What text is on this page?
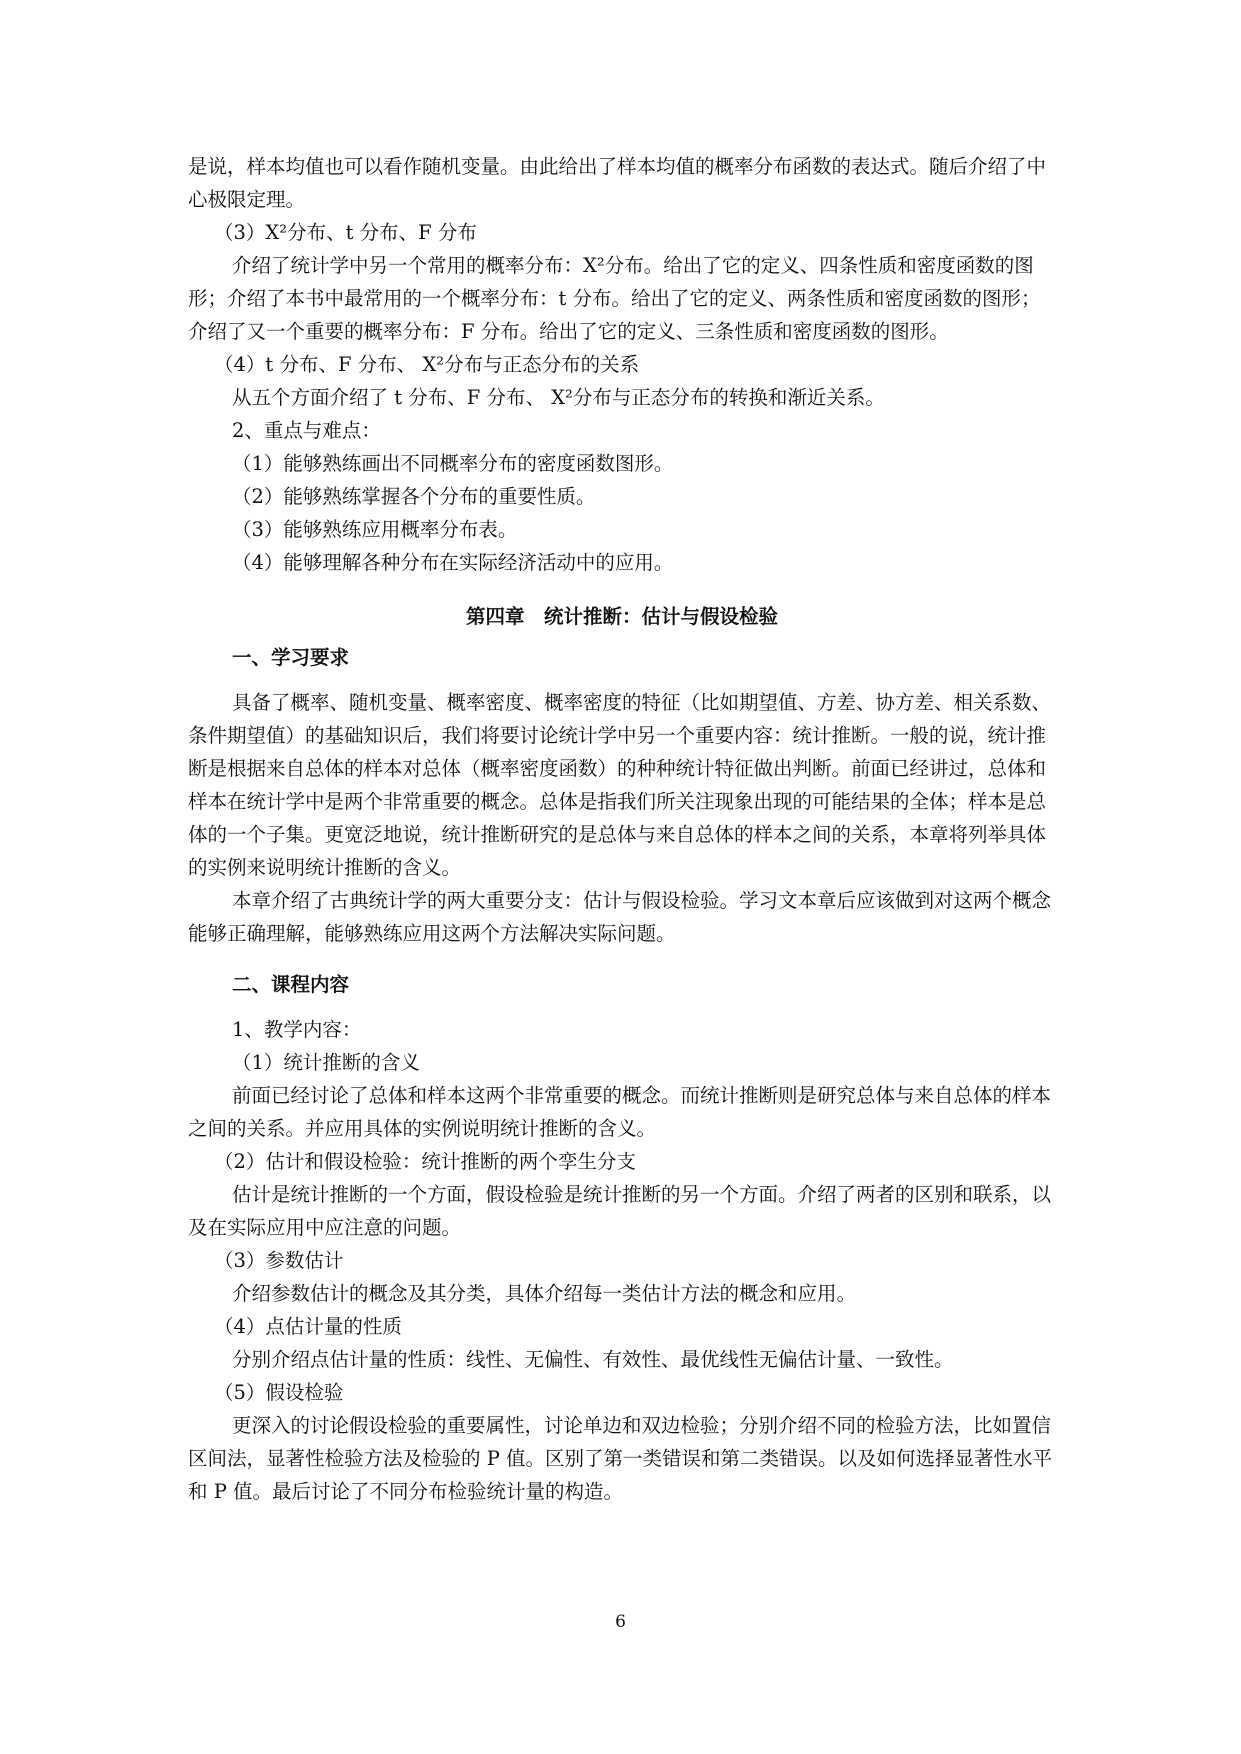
是说，样本均值也可以看作随机变量。由此给出了样本均值的概率分布函数的表达式。随后介绍了中心极限定理。

（3）X²分布、t 分布、F 分布

介绍了统计学中另一个常用的概率分布：X²分布。给出了它的定义、四条性质和密度函数的图形；介绍了本书中最常用的一个概率分布：t 分布。给出了它的定义、两条性质和密度函数的图形；介绍了又一个重要的概率分布：F 分布。给出了它的定义、三条性质和密度函数的图形。

（4）t 分布、F 分布、 X²分布与正态分布的关系

从五个方面介绍了 t 分布、F 分布、 X²分布与正态分布的转换和渐近关系。

2、重点与难点：

（1）能够熟练画出不同概率分布的密度函数图形。

（2）能够熟练掌握各个分布的重要性质。

（3）能够熟练应用概率分布表。

（4）能够理解各种分布在实际经济活动中的应用。

第四章　统计推断：估计与假设检验

一、学习要求

具备了概率、随机变量、概率密度、概率密度的特征（比如期望值、方差、协方差、相关系数、条件期望值）的基础知识后，我们将要讨论统计学中另一个重要内容：统计推断。一般的说，统计推断是根据来自总体的样本对总体（概率密度函数）的种种统计特征做出判断。前面已经讲过，总体和样本在统计学中是两个非常重要的概念。总体是指我们所关注现象出现的可能结果的全体；样本是总体的一个子集。更宽泛地说，统计推断研究的是总体与来自总体的样本之间的关系，本章将列举具体的实例来说明统计推断的含义。

本章介绍了古典统计学的两大重要分支：估计与假设检验。学习文本章后应该做到对这两个概念能够正确理解，能够熟练应用这两个方法解决实际问题。

二、课程内容

1、教学内容：

（1）统计推断的含义

前面已经讨论了总体和样本这两个非常重要的概念。而统计推断则是研究总体与来自总体的样本之间的关系。并应用具体的实例说明统计推断的含义。

（2）估计和假设检验：统计推断的两个孪生分支

估计是统计推断的一个方面，假设检验是统计推断的另一个方面。介绍了两者的区别和联系，以及在实际应用中应注意的问题。

（3）参数估计

介绍参数估计的概念及其分类，具体介绍每一类估计方法的概念和应用。

（4）点估计量的性质

分别介绍点估计量的性质：线性、无偏性、有效性、最优线性无偏估计量、一致性。

（5）假设检验

更深入的讨论假设检验的重要属性，讨论单边和双边检验；分别介绍不同的检验方法，比如置信区间法，显著性检验方法及检验的 P 值。区别了第一类错误和第二类错误。以及如何选择显著性水平和 P 值。最后讨论了不同分布检验统计量的构造。

6
